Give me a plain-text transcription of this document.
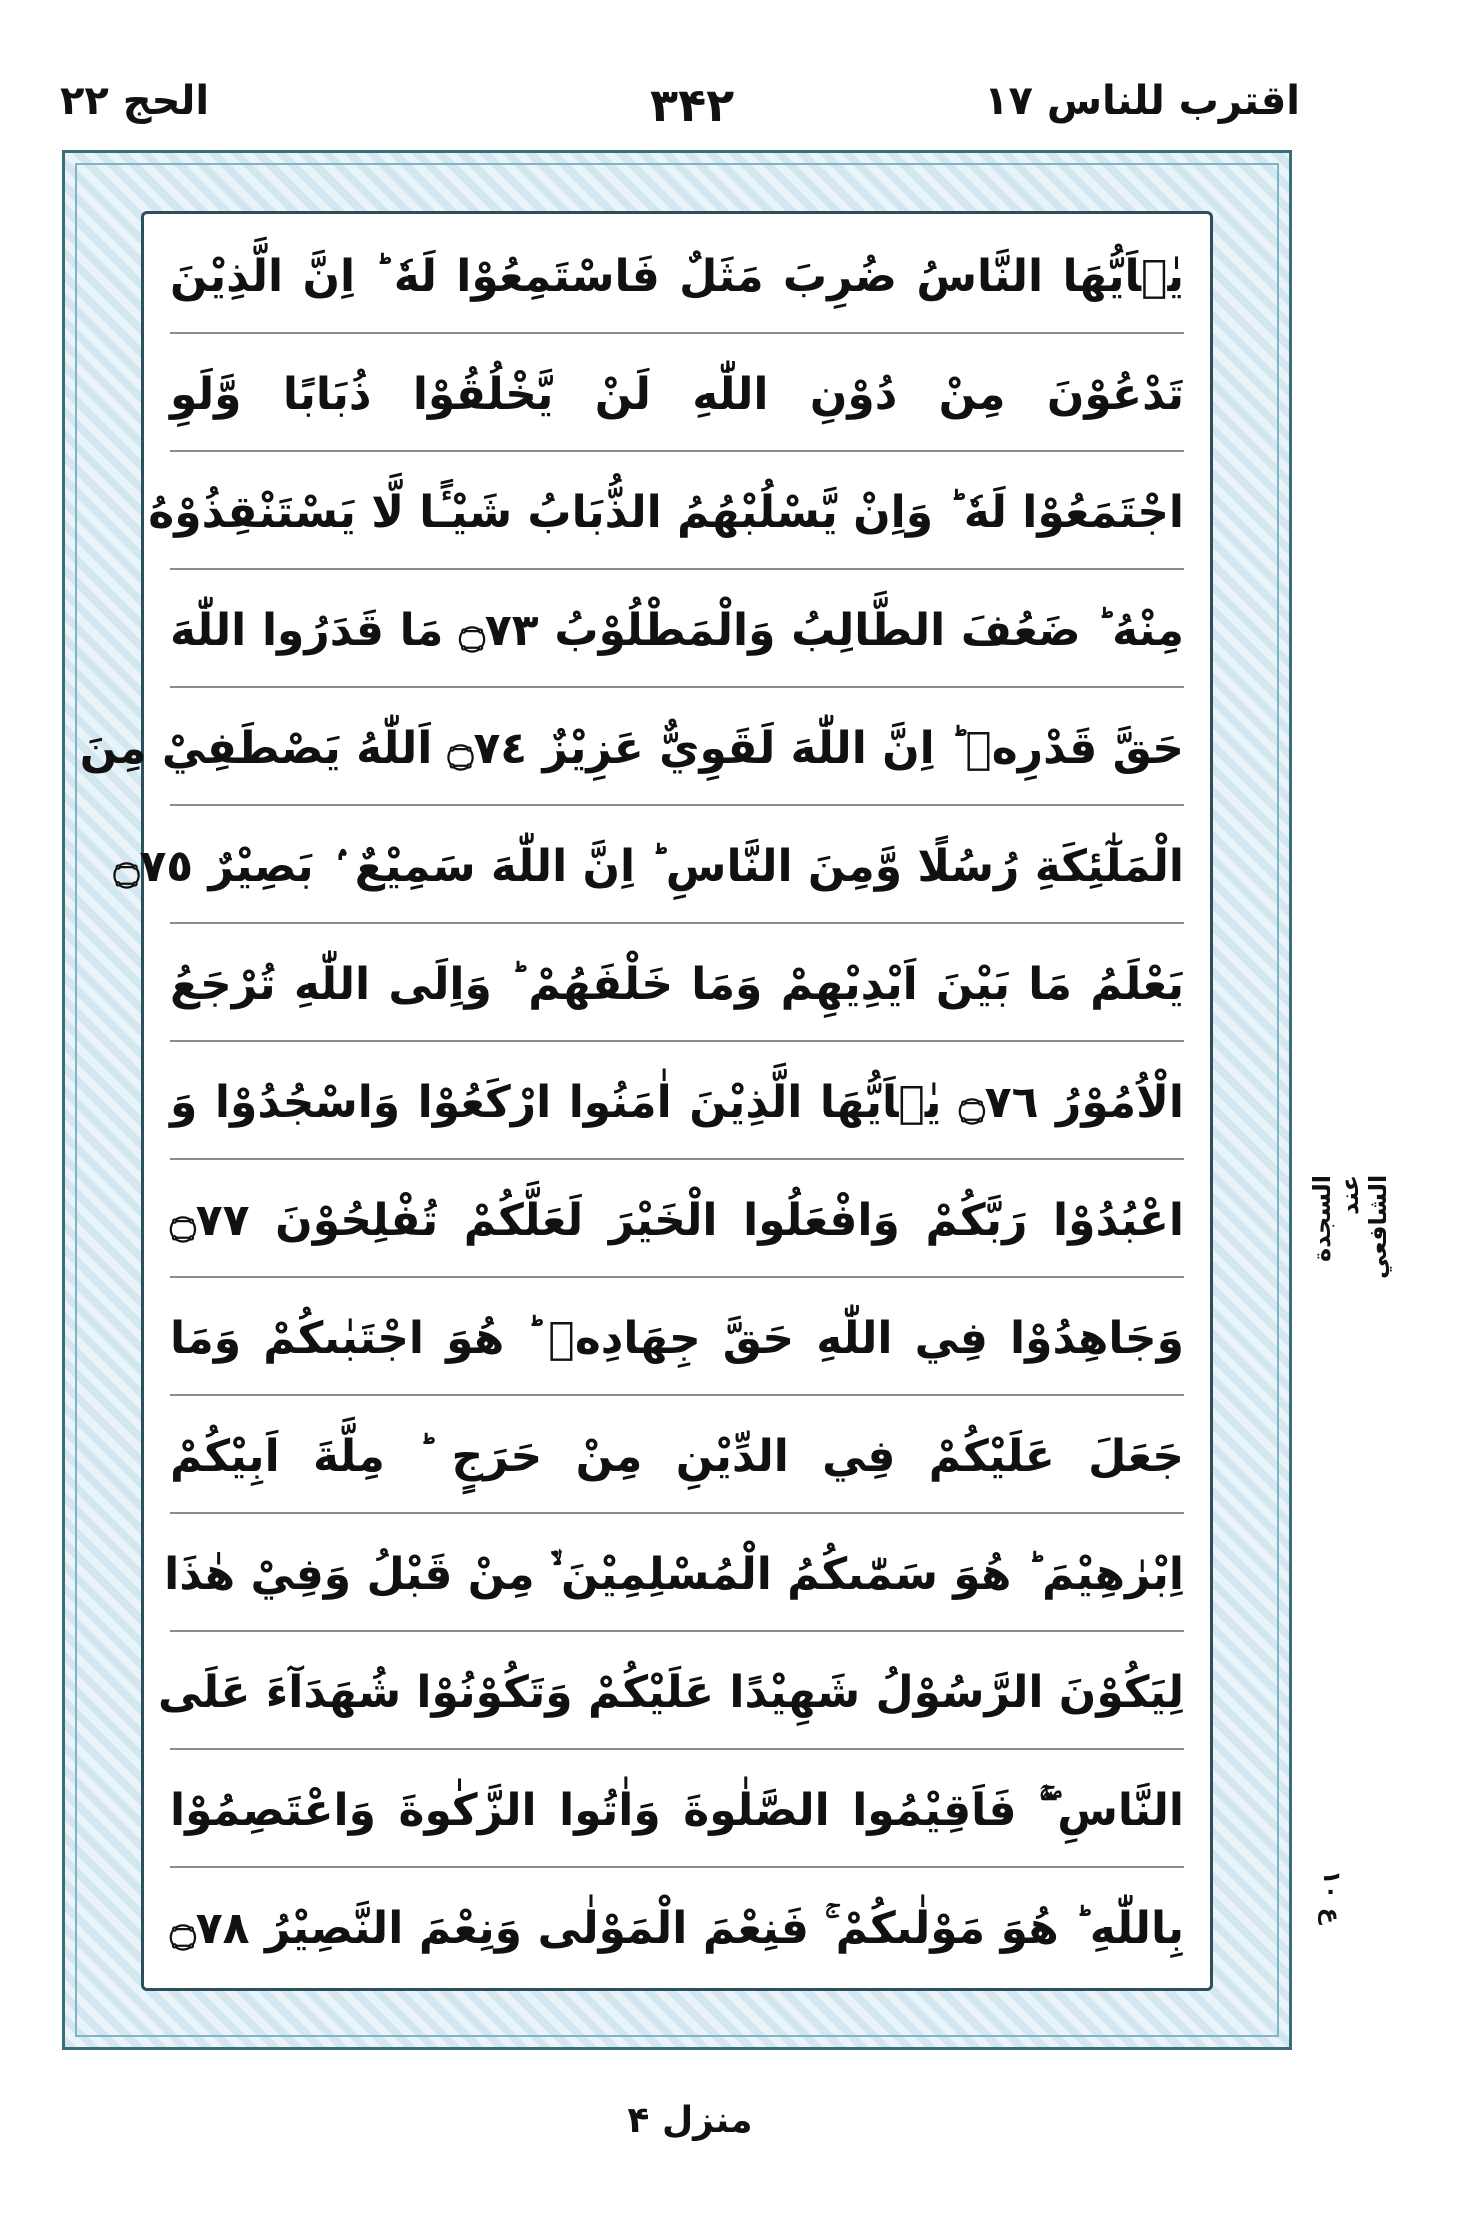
الحج ٢٢	۳۴۲	اقترب للناس ١٧
يٰۤاَيُّهَا النَّاسُ ضُرِبَ مَثَلٌ فَاسْتَمِعُوْا لَهٗ ؕ اِنَّ الَّذِيْنَ
تَدْعُوْنَ مِنْ دُوْنِ اللّٰهِ لَنْ يَّخْلُقُوْا ذُبَابًا وَّلَوِ
اجْتَمَعُوْا لَهٗ ؕ وَاِنْ يَّسْلُبْهُمُ الذُّبَابُ شَيْـًٔا لَّا يَسْتَنْقِذُوْهُ
مِنْهُ ؕ ضَعُفَ الطَّالِبُ وَالْمَطْلُوْبُ ۝٧٣ مَا قَدَرُوا اللّٰهَ
حَقَّ قَدْرِهٖ ؕ اِنَّ اللّٰهَ لَقَوِيٌّ عَزِيْزٌ ۝٧٤ اَللّٰهُ يَصْطَفِيْ مِنَ
الْمَلٰٓئِكَةِ رُسُلًا وَّمِنَ النَّاسِ ؕ اِنَّ اللّٰهَ سَمِيْعٌ ۢ بَصِيْرٌ ۝٧٥
يَعْلَمُ مَا بَيْنَ اَيْدِيْهِمْ وَمَا خَلْفَهُمْ ؕ وَاِلَى اللّٰهِ تُرْجَعُ
الْاُمُوْرُ ۝٧٦ يٰۤاَيُّهَا الَّذِيْنَ اٰمَنُوا ارْكَعُوْا وَاسْجُدُوْا وَ
اعْبُدُوْا رَبَّكُمْ وَافْعَلُوا الْخَيْرَ لَعَلَّكُمْ تُفْلِحُوْنَ ۝٧٧
وَجَاهِدُوْا فِي اللّٰهِ حَقَّ جِهَادِهٖ ؕ هُوَ اجْتَبٰىكُمْ وَمَا
جَعَلَ عَلَيْكُمْ فِي الدِّيْنِ مِنْ حَرَجٍ ؕ مِلَّةَ اَبِيْكُمْ
اِبْرٰهِيْمَ ؕ هُوَ سَمّٰىكُمُ الْمُسْلِمِيْنَ ۙ۬ مِنْ قَبْلُ وَفِيْ هٰذَا
لِيَكُوْنَ الرَّسُوْلُ شَهِيْدًا عَلَيْكُمْ وَتَكُوْنُوْا شُهَدَآءَ عَلَى
النَّاسِ ۖۚ فَاَقِيْمُوا الصَّلٰوةَ وَاٰتُوا الزَّكٰوةَ وَاعْتَصِمُوْا
بِاللّٰهِ ؕ هُوَ مَوْلٰىكُمْ ۚ فَنِعْمَ الْمَوْلٰى وَنِعْمَ النَّصِيْرُ ۝٧٨
السجدة عند الشافعي
ع ١٠
منزل ۴
